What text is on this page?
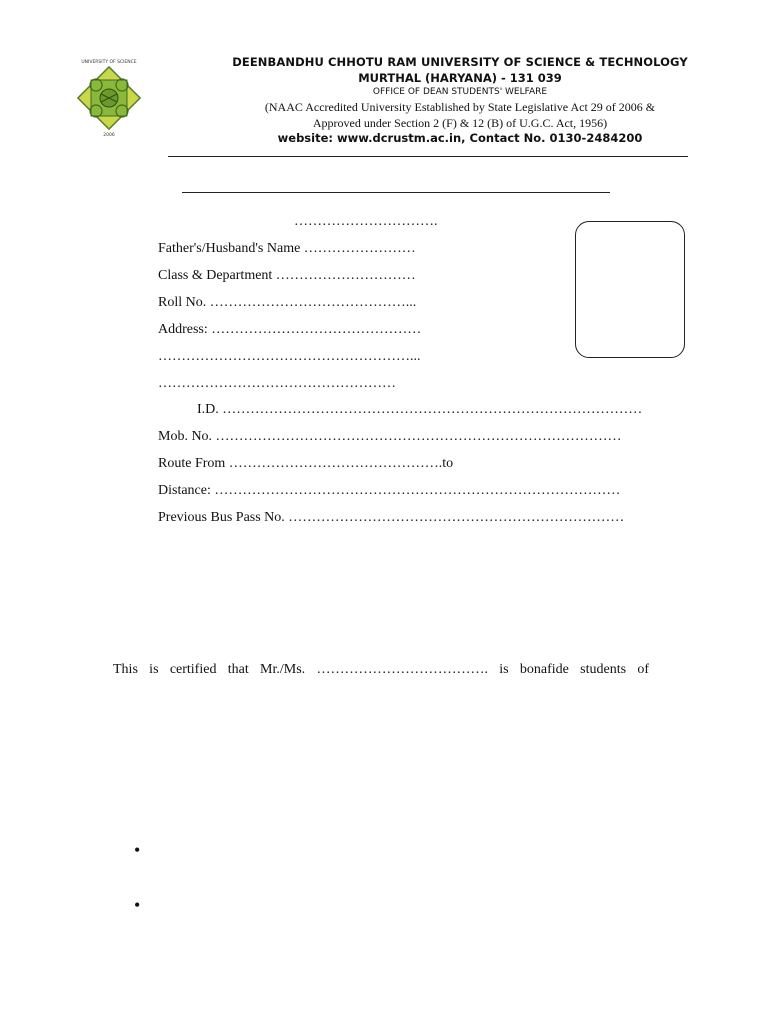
UNIVERSITY OF SCIENCE
2006
DEENBANDHU CHHOTU RAM UNIVERSITY OF SCIENCE & TECHNOLOGY
MURTHAL (HARYANA) - 131 039
OFFICE OF DEAN STUDENTS' WELFARE
(NAAC Accredited University Established by State Legislative Act 29 of 2006 &
Approved under Section 2 (F) & 12 (B) of U.G.C. Act, 1956)
website: www.dcrustm.ac.in, Contact No. 0130-2484200
………………………….
Father's/Husband's Name ……………………
Class & Department …………………………
Roll No. ……………………………………...
Address: ………………………………………
………………………………………………...
……………………………………………
I.D. ………………………………………………………………………………
Mob. No. ……………………………………………………………………………
Route From ……………………………………….to
Distance: ……………………………………………………………………………
Previous Bus Pass No. ………………………………………………………………
This is certified that Mr./Ms. ………………………………. is bonafide students of
•
•
